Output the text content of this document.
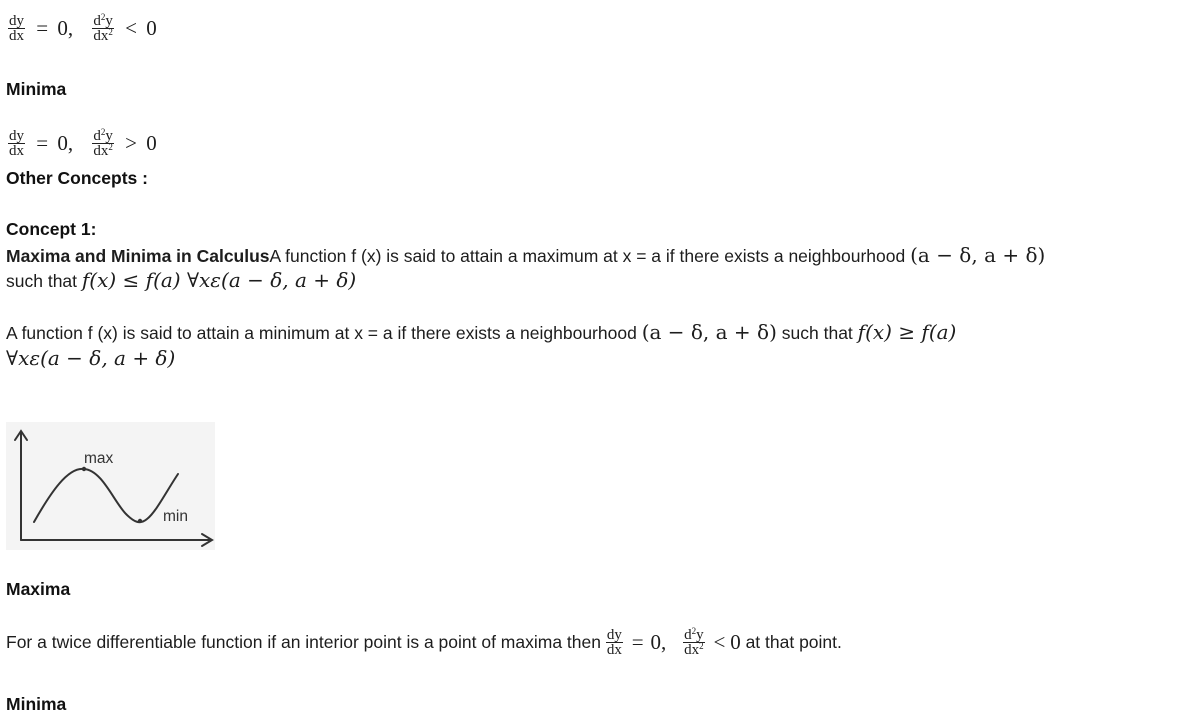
$\frac{dy}{dx} = 0$, $\frac{d^2y}{dx^2} < 0$
Minima
$\frac{dy}{dx} = 0$, $\frac{d^2y}{dx^2} > 0$
Other Concepts :
Concept 1:
Maxima and Minima in CalculusA function f (x) is said to attain a maximum at x = a if there exists a neighbourhood (a − δ, a + δ)
such that f(x) ≤ f(a) ∀xε(a − δ, a + δ)
A function f (x) is said to attain a minimum at x = a if there exists a neighbourhood (a − δ, a + δ) such that f(x) ≥ f(a)
∀xε(a − δ, a + δ)
max
min
Maxima
For a twice differentiable function if an interior point is a point of maxima then $\frac{dy}{dx} = 0$, $\frac{d^2y}{dx^2} < 0$ at that point.
Minima
